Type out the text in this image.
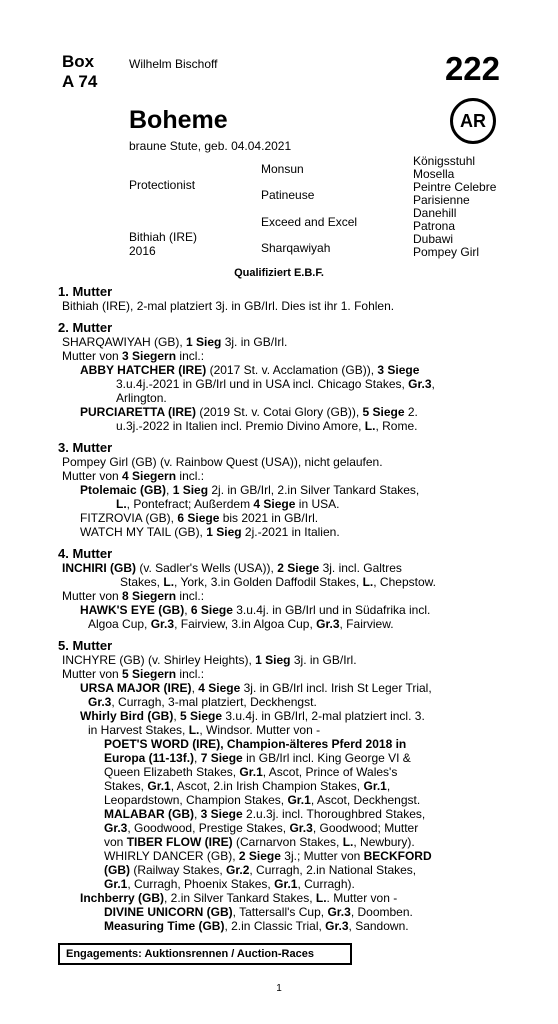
Box
A 74
Wilhelm Bischoff	222
AR
Boheme
braune Stute, geb. 04.04.2021
Protectionist
Bithiah (IRE)
2016
Monsun
Patineuse
Exceed and Excel
Sharqawiyah
Königsstuhl
Mosella
Peintre Celebre
Parisienne
Danehill
Patrona
Dubawi
Pompey Girl
Qualifiziert E.B.F.
1. Mutter
Bithiah (IRE), 2-mal platziert 3j. in GB/Irl. Dies ist ihr 1. Fohlen.
2. Mutter
SHARQAWIYAH (GB), 1 Sieg 3j. in GB/Irl.
Mutter von 3 Siegern incl.:
ABBY HATCHER (IRE) (2017 St. v. Acclamation (GB)), 3 Siege
3.u.4j.-2021 in GB/Irl und in USA incl. Chicago Stakes, Gr.3,
Arlington.
PURCIARETTA (IRE) (2019 St. v. Cotai Glory (GB)), 5 Siege 2.
u.3j.-2022 in Italien incl. Premio Divino Amore, L., Rome.
3. Mutter
Pompey Girl (GB) (v. Rainbow Quest (USA)), nicht gelaufen.
Mutter von 4 Siegern incl.:
Ptolemaic (GB), 1 Sieg 2j. in GB/Irl, 2.in Silver Tankard Stakes,
L., Pontefract; Außerdem 4 Siege in USA.
FITZROVIA (GB), 6 Siege bis 2021 in GB/Irl.
WATCH MY TAIL (GB), 1 Sieg 2j.-2021 in Italien.
4. Mutter
INCHIRI (GB) (v. Sadler's Wells (USA)), 2 Siege 3j. incl. Galtres
Stakes, L., York, 3.in Golden Daffodil Stakes, L., Chepstow.
Mutter von 8 Siegern incl.:
HAWK'S EYE (GB), 6 Siege 3.u.4j. in GB/Irl und in Südafrika incl.
Algoa Cup, Gr.3, Fairview, 3.in Algoa Cup, Gr.3, Fairview.
5. Mutter
INCHYRE (GB) (v. Shirley Heights), 1 Sieg 3j. in GB/Irl.
Mutter von 5 Siegern incl.:
URSA MAJOR (IRE), 4 Siege 3j. in GB/Irl incl. Irish St Leger Trial,
Gr.3, Curragh, 3-mal platziert, Deckhengst.
Whirly Bird (GB), 5 Siege 3.u.4j. in GB/Irl, 2-mal platziert incl. 3.
in Harvest Stakes, L., Windsor. Mutter von -
POET'S WORD (IRE), Champion-älteres Pferd 2018 in
Europa (11-13f.), 7 Siege in GB/Irl incl. King George VI &
Queen Elizabeth Stakes, Gr.1, Ascot, Prince of Wales's
Stakes, Gr.1, Ascot, 2.in Irish Champion Stakes, Gr.1,
Leopardstown, Champion Stakes, Gr.1, Ascot, Deckhengst.
MALABAR (GB), 3 Siege 2.u.3j. incl. Thoroughbred Stakes,
Gr.3, Goodwood, Prestige Stakes, Gr.3, Goodwood; Mutter
von TIBER FLOW (IRE) (Carnarvon Stakes, L., Newbury).
WHIRLY DANCER (GB), 2 Siege 3j.; Mutter von BECKFORD
(GB) (Railway Stakes, Gr.2, Curragh, 2.in National Stakes,
Gr.1, Curragh, Phoenix Stakes, Gr.1, Curragh).
Inchberry (GB), 2.in Silver Tankard Stakes, L.. Mutter von -
DIVINE UNICORN (GB), Tattersall's Cup, Gr.3, Doomben.
Measuring Time (GB), 2.in Classic Trial, Gr.3, Sandown.
Engagements: Auktionsrennen / Auction-Races
1
